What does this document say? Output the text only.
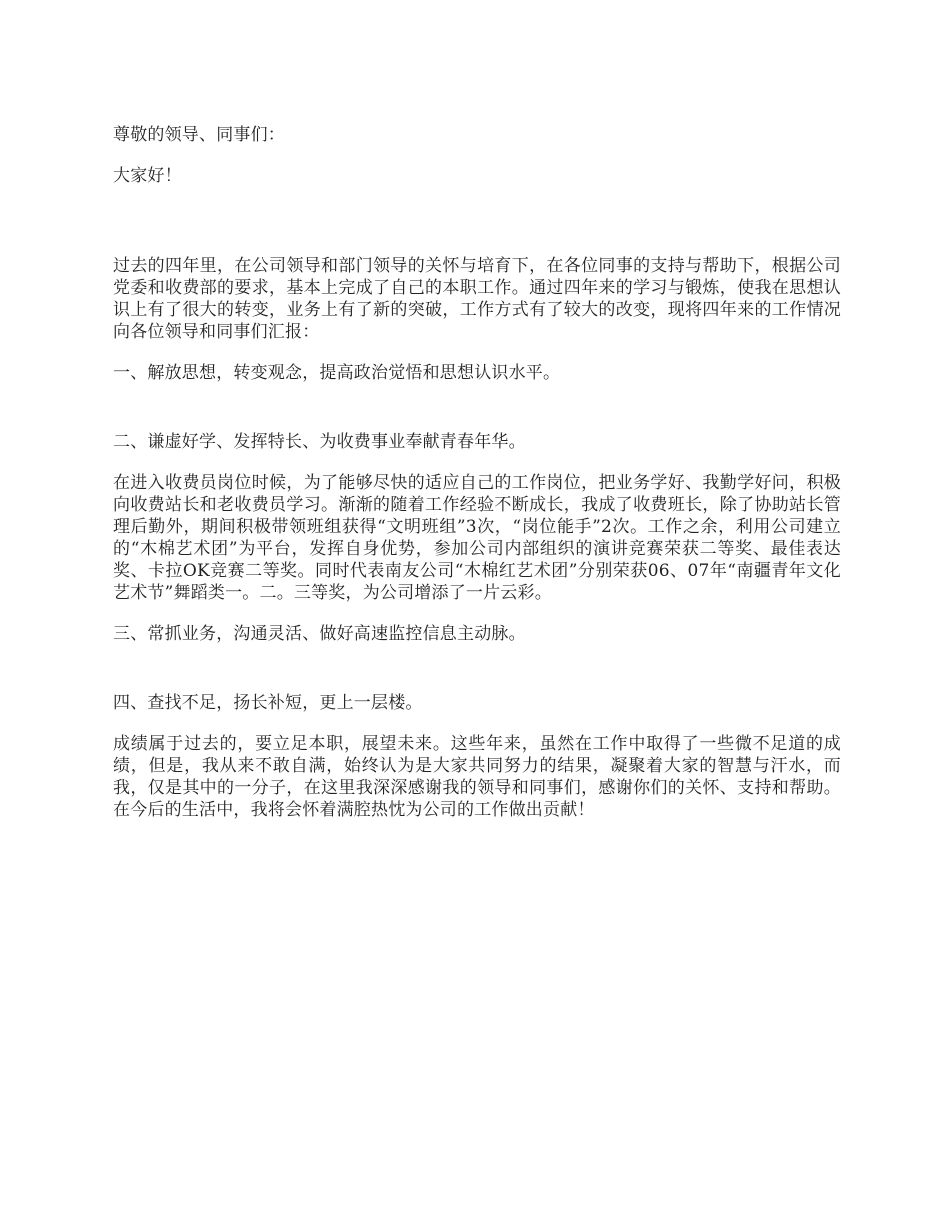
尊敬的领导、同事们：

大家好！

过去的四年里，在公司领导和部门领导的关怀与培育下，在各位同事的支持与帮助下，根据公司党委和收费部的要求，基本上完成了自己的本职工作。通过四年来的学习与锻炼，使我在思想认识上有了很大的转变，业务上有了新的突破，工作方式有了较大的改变，现将四年来的工作情况向各位领导和同事们汇报：

一、解放思想，转变观念，提高政治觉悟和思想认识水平。

二、谦虚好学、发挥特长、为收费事业奉献青春年华。

在进入收费员岗位时候，为了能够尽快的适应自己的工作岗位，把业务学好、我勤学好问，积极向收费站长和老收费员学习。渐渐的随着工作经验不断成长，我成了收费班长，除了协助站长管理后勤外，期间积极带领班组获得“文明班组”3次，“岗位能手”2次。工作之余，利用公司建立的“木棉艺术团”为平台，发挥自身优势，参加公司内部组织的演讲竞赛荣获二等奖、最佳表达奖、卡拉OK竞赛二等奖。同时代表南友公司“木棉红艺术团”分别荣获06、07年“南疆青年文化艺术节”舞蹈类一。二。三等奖，为公司增添了一片云彩。

三、常抓业务，沟通灵活、做好高速监控信息主动脉。

四、查找不足，扬长补短，更上一层楼。

成绩属于过去的，要立足本职，展望未来。这些年来，虽然在工作中取得了一些微不足道的成绩，但是，我从来不敢自满，始终认为是大家共同努力的结果，凝聚着大家的智慧与汗水，而我，仅是其中的一分子，在这里我深深感谢我的领导和同事们，感谢你们的关怀、支持和帮助。在今后的生活中，我将会怀着满腔热忱为公司的工作做出贡献！
